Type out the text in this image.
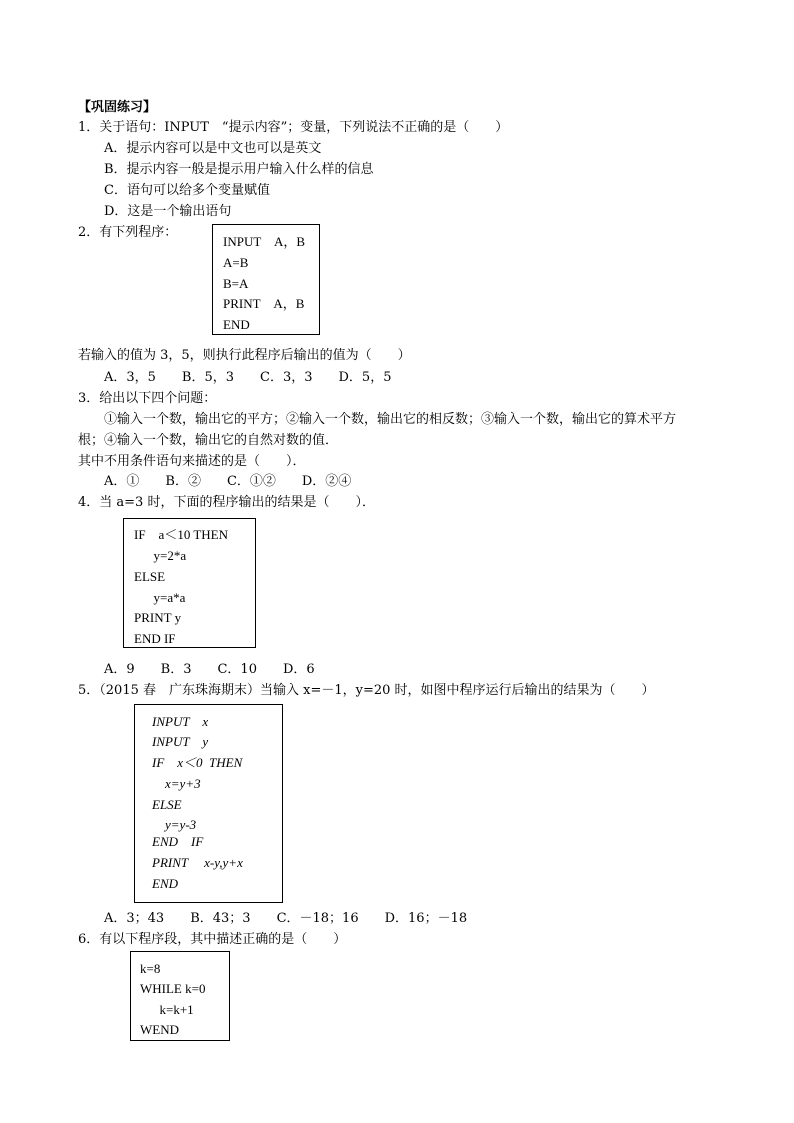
【巩固练习】
1．关于语句：INPUT　“提示内容”；变量，下列说法不正确的是（　　）
A．提示内容可以是中文也可以是英文
B．提示内容一般是提示用户输入什么样的信息
C．语句可以给多个变量赋值
D．这是一个输出语句
2．有下列程序：
INPUT　A，B
A=B
B=A
PRINT　A，B
END
若输入的值为 3，5，则执行此程序后输出的值为（　　）
A．3，5　　B．5，3　　C．3，3　　D．5，5
3．给出以下四个问题：
①输入一个数，输出它的平方；②输入一个数，输出它的相反数；③输入一个数，输出它的算术平方
根；④输入一个数，输出它的自然对数的值．
其中不用条件语句来描述的是（　　）．
A．①　　B．②　　C．①②　　D．②④
4．当 a=3 时，下面的程序输出的结果是（　　）．
IF　a＜10 THEN
y=2*a
ELSE
y=a*a
PRINT y
END IF
A．9　　B．3　　C．10　　D．6
5．（2015 春　广东珠海期末）当输入 x=－1，y=20 时，如图中程序运行后输出的结果为（　　）
INPUT　x
INPUT　y
IF　x＜0  THEN
x=y+3
ELSE
y=y-3
END　IF
PRINT　 x-y,y+x
END
A．3；43　　B．43；3　　C．－18；16　　D．16；－18
6．有以下程序段，其中描述正确的是（　　）
k=8
WHILE k=0
k=k+1
WEND
